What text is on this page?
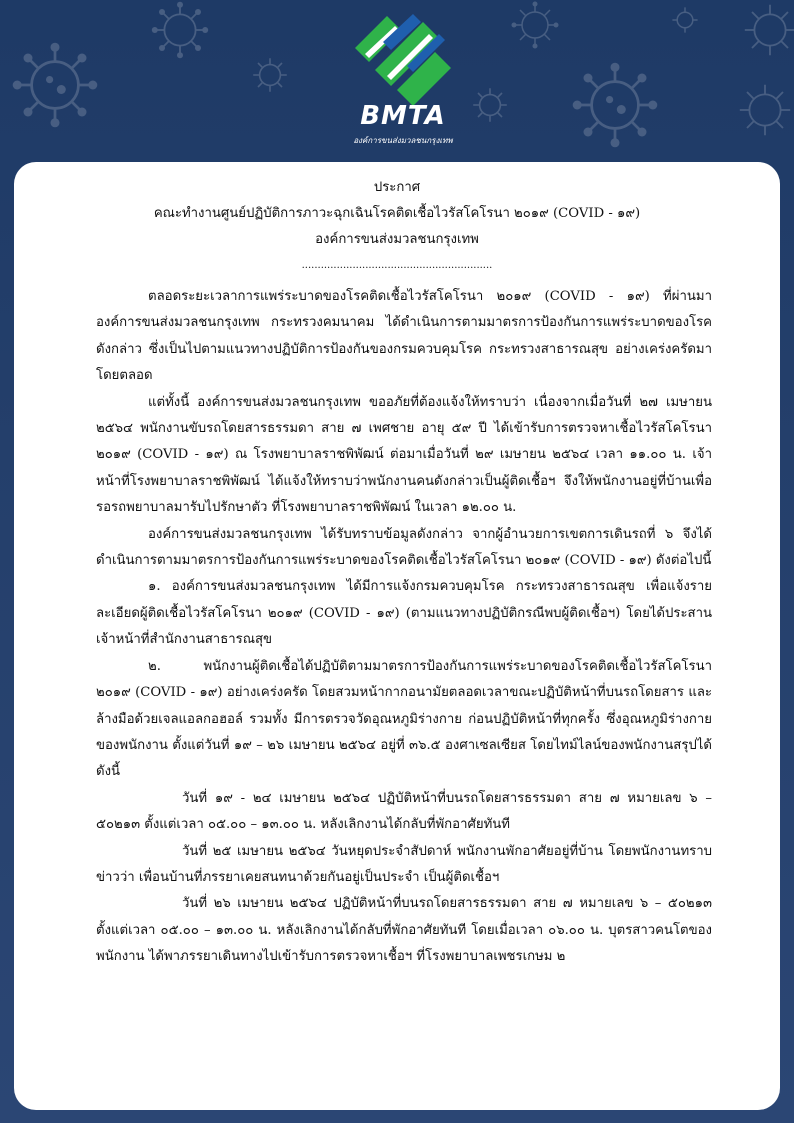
BMTA
องค์การขนส่งมวลชนกรุงเทพ
ประกาศ
คณะทำงานศูนย์ปฏิบัติการภาวะฉุกเฉินโรคติดเชื้อไวรัสโคโรนา ๒๐๑๙ (COVID - ๑๙)
องค์การขนส่งมวลชนกรุงเทพ
............................................................

ตลอดระยะเวลาการแพร่ระบาดของโรคติดเชื้อไวรัสโคโรนา ๒๐๑๙ (COVID - ๑๙) ที่ผ่านมาองค์การขนส่งมวลชนกรุงเทพ กระทรวงคมนาคม ได้ดำเนินการตามมาตรการป้องกันการแพร่ระบาดของโรคดังกล่าว ซึ่งเป็นไปตามแนวทางปฏิบัติการป้องกันของกรมควบคุมโรค กระทรวงสาธารณสุข อย่างเคร่งครัดมาโดยตลอด

แต่ทั้งนี้ องค์การขนส่งมวลชนกรุงเทพ ขออภัยที่ต้องแจ้งให้ทราบว่า เนื่องจากเมื่อวันที่ ๒๗ เมษายน ๒๕๖๔ พนักงานขับรถโดยสารธรรมดา สาย ๗ เพศชาย อายุ ๕๙ ปี ได้เข้ารับการตรวจหาเชื้อไวรัสโคโรนา ๒๐๑๙ (COVID - ๑๙) ณ โรงพยาบาลราชพิพัฒน์ ต่อมาเมื่อวันที่ ๒๙ เมษายน ๒๕๖๔ เวลา ๑๑.๐๐ น. เจ้าหน้าที่โรงพยาบาลราชพิพัฒน์ ได้แจ้งให้ทราบว่าพนักงานคนดังกล่าวเป็นผู้ติดเชื้อฯ จึงให้พนักงานอยู่ที่บ้านเพื่อรอรถพยาบาลมารับไปรักษาตัว ที่โรงพยาบาลราชพิพัฒน์ ในเวลา ๑๒.๐๐ น.

องค์การขนส่งมวลชนกรุงเทพ ได้รับทราบข้อมูลดังกล่าว จากผู้อำนวยการเขตการเดินรถที่ ๖ จึงได้ดำเนินการตามมาตรการป้องกันการแพร่ระบาดของโรคติดเชื้อไวรัสโคโรนา ๒๐๑๙ (COVID - ๑๙) ดังต่อไปนี้

๑. องค์การขนส่งมวลชนกรุงเทพ ได้มีการแจ้งกรมควบคุมโรค กระทรวงสาธารณสุข เพื่อแจ้งรายละเอียดผู้ติดเชื้อไวรัสโคโรนา ๒๐๑๙ (COVID - ๑๙) (ตามแนวทางปฏิบัติกรณีพบผู้ติดเชื้อฯ) โดยได้ประสานเจ้าหน้าที่สำนักงานสาธารณสุข

๒. พนักงานผู้ติดเชื้อได้ปฏิบัติตามมาตรการป้องกันการแพร่ระบาดของโรคติดเชื้อไวรัสโคโรนา ๒๐๑๙ (COVID - ๑๙) อย่างเคร่งครัด โดยสวมหน้ากากอนามัยตลอดเวลาขณะปฏิบัติหน้าที่บนรถโดยสาร และล้างมือด้วยเจลแอลกอฮอล์ รวมทั้ง มีการตรวจวัดอุณหภูมิร่างกาย ก่อนปฏิบัติหน้าที่ทุกครั้ง ซึ่งอุณหภูมิร่างกายของพนักงาน ตั้งแต่วันที่ ๑๙ – ๒๖ เมษายน ๒๕๖๔ อยู่ที่ ๓๖.๕ องศาเซลเซียส โดยไทม์ไลน์ของพนักงานสรุปได้ ดังนี้

วันที่ ๑๙ - ๒๔ เมษายน ๒๕๖๔ ปฏิบัติหน้าที่บนรถโดยสารธรรมดา สาย ๗ หมายเลข ๖ – ๕๐๒๑๓ ตั้งแต่เวลา ๐๕.๐๐ – ๑๓.๐๐ น. หลังเลิกงานได้กลับที่พักอาศัยทันที

วันที่ ๒๕ เมษายน ๒๕๖๔ วันหยุดประจำสัปดาห์ พนักงานพักอาศัยอยู่ที่บ้าน โดยพนักงานทราบข่าวว่า เพื่อนบ้านที่ภรรยาเคยสนทนาด้วยกันอยู่เป็นประจำ เป็นผู้ติดเชื้อฯ

วันที่ ๒๖ เมษายน ๒๕๖๔ ปฏิบัติหน้าที่บนรถโดยสารธรรมดา สาย ๗ หมายเลข ๖ – ๕๐๒๑๓ ตั้งแต่เวลา ๐๕.๐๐ – ๑๓.๐๐ น. หลังเลิกงานได้กลับที่พักอาศัยทันที โดยเมื่อเวลา ๐๖.๐๐ น. บุตรสาวคนโตของพนักงาน ได้พาภรรยาเดินทางไปเข้ารับการตรวจหาเชื้อฯ ที่โรงพยาบาลเพชรเกษม ๒
